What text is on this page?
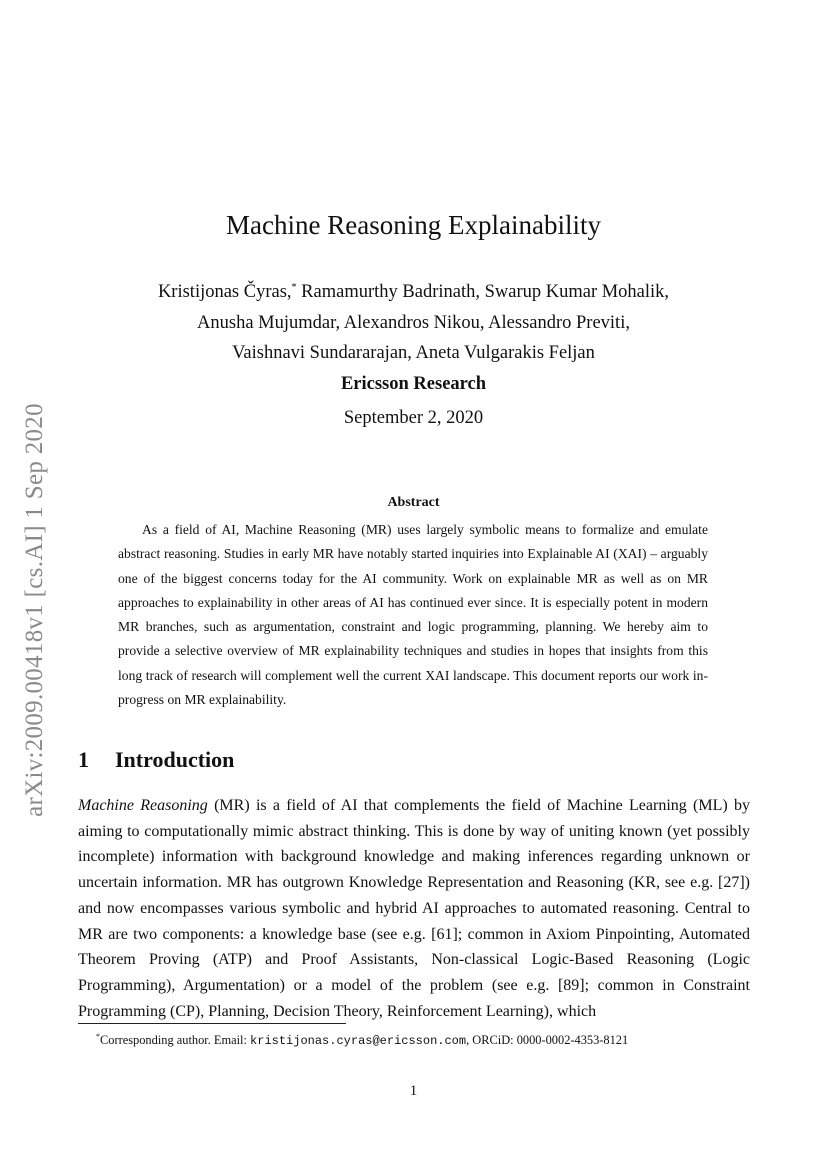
arXiv:2009.00418v1 [cs.AI] 1 Sep 2020
Machine Reasoning Explainability
Kristijonas Čyras,* Ramamurthy Badrinath, Swarup Kumar Mohalik,
Anusha Mujumdar, Alexandros Nikou, Alessandro Previti,
Vaishnavi Sundararajan, Aneta Vulgarakis Feljan
Ericsson Research
September 2, 2020
Abstract

As a field of AI, Machine Reasoning (MR) uses largely symbolic means to formalize and emulate abstract reasoning. Studies in early MR have notably started inquiries into Explainable AI (XAI) – arguably one of the biggest concerns today for the AI community. Work on explainable MR as well as on MR approaches to explainability in other areas of AI has continued ever since. It is especially potent in modern MR branches, such as argumentation, constraint and logic programming, planning. We hereby aim to provide a selective overview of MR explainability techniques and studies in hopes that insights from this long track of research will complement well the current XAI landscape. This document reports our work in-progress on MR explainability.

1 Introduction

Machine Reasoning (MR) is a field of AI that complements the field of Machine Learning (ML) by aiming to computationally mimic abstract thinking. This is done by way of uniting known (yet possibly incomplete) information with background knowledge and making inferences regarding unknown or uncertain information. MR has outgrown Knowledge Representation and Reasoning (KR, see e.g. [27]) and now encompasses various symbolic and hybrid AI approaches to automated reasoning. Central to MR are two components: a knowledge base (see e.g. [61]; common in Axiom Pinpointing, Automated Theorem Proving (ATP) and Proof Assistants, Non-classical Logic-Based Reasoning (Logic Programming), Argumentation) or a model of the problem (see e.g. [89]; common in Constraint Programming (CP), Planning, Decision Theory, Reinforcement Learning), which

*Corresponding author. Email: kristijonas.cyras@ericsson.com, ORCiD: 0000-0002-4353-8121
1
